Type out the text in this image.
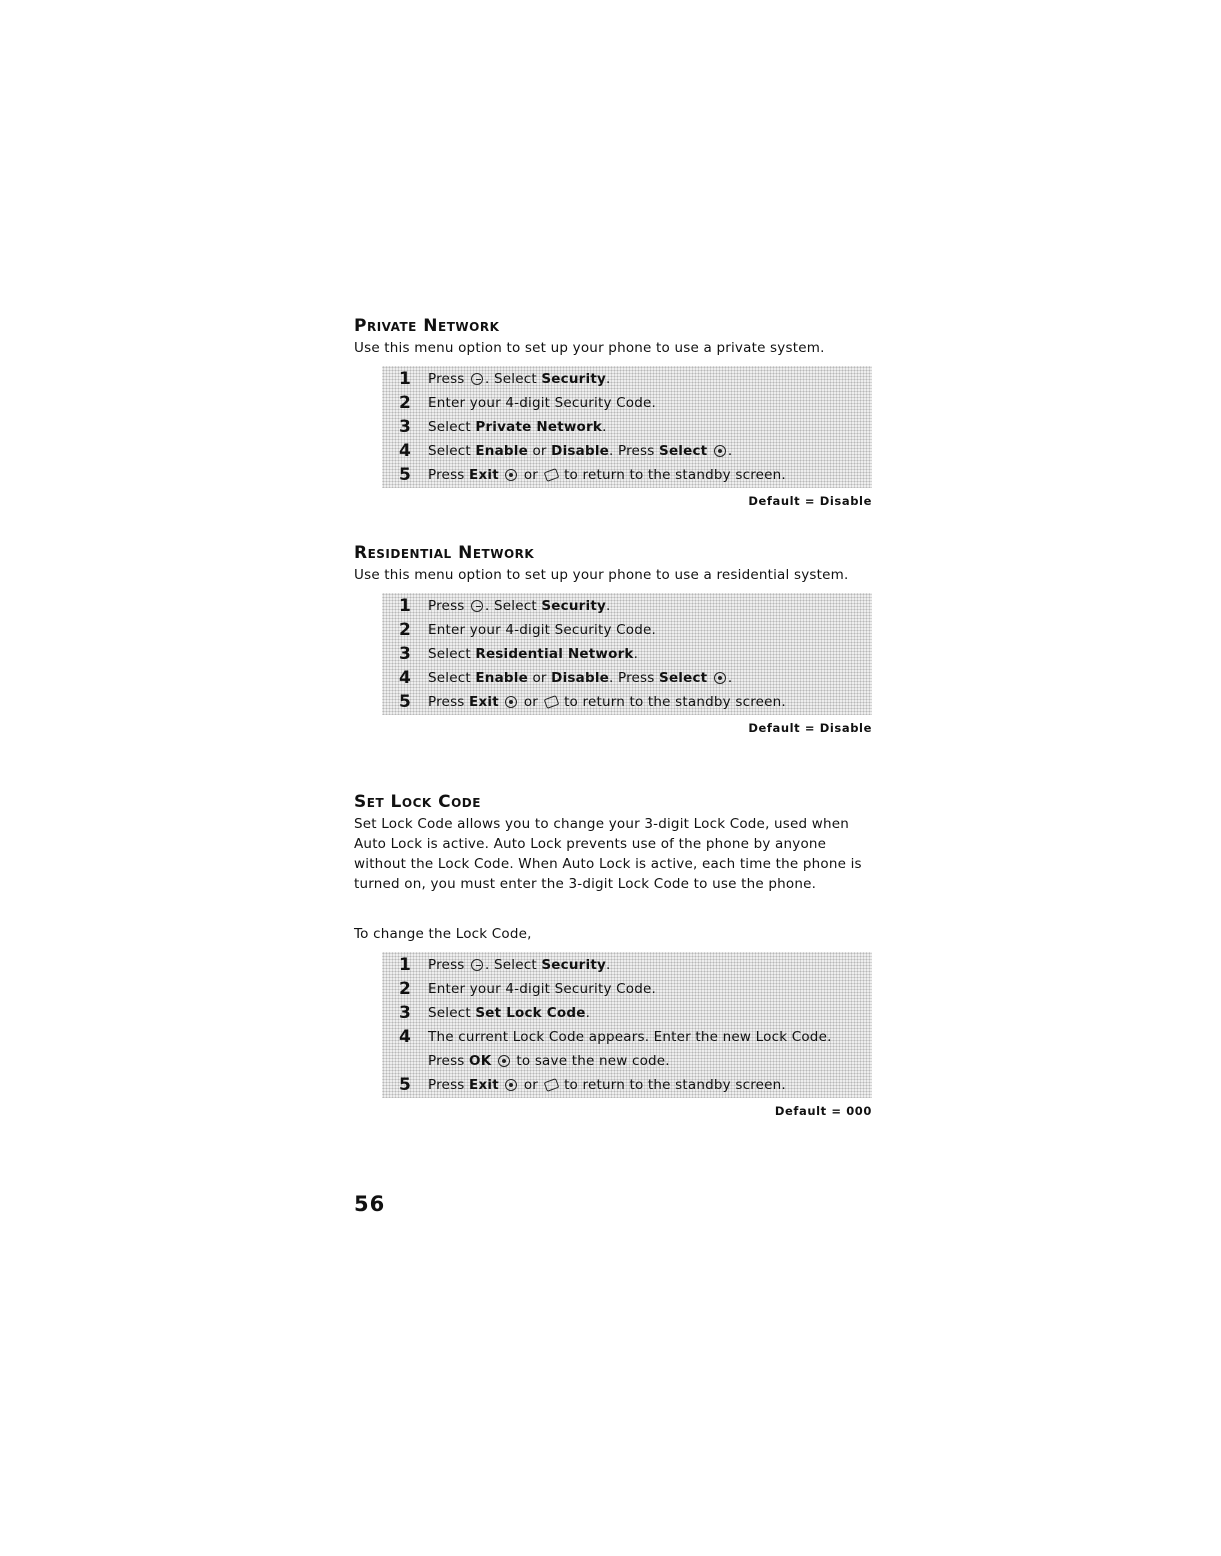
Private Network

Use this menu option to set up your phone to use a private system.

1	Press . Select Security.
2	Enter your 4-digit Security Code.
3	Select Private Network.
4	Select Enable or Disable. Press Select .
5	Press Exit or to return to the standby screen.
Default = Disable
Residential Network

Use this menu option to set up your phone to use a residential system.

1	Press . Select Security.
2	Enter your 4-digit Security Code.
3	Select Residential Network.
4	Select Enable or Disable. Press Select .
5	Press Exit or to return to the standby screen.
Default = Disable
Set Lock Code

Set Lock Code allows you to change your 3-digit Lock Code, used when Auto Lock is active. Auto Lock prevents use of the phone by anyone without the Lock Code. When Auto Lock is active, each time the phone is turned on, you must enter the 3-digit Lock Code to use the phone.

To change the Lock Code,

1	Press . Select Security.
2	Enter your 4-digit Security Code.
3	Select Set Lock Code.
4	The current Lock Code appears. Enter the new Lock Code.
Press OK to save the new code.
5	Press Exit or to return to the standby screen.
Default = 000
56
